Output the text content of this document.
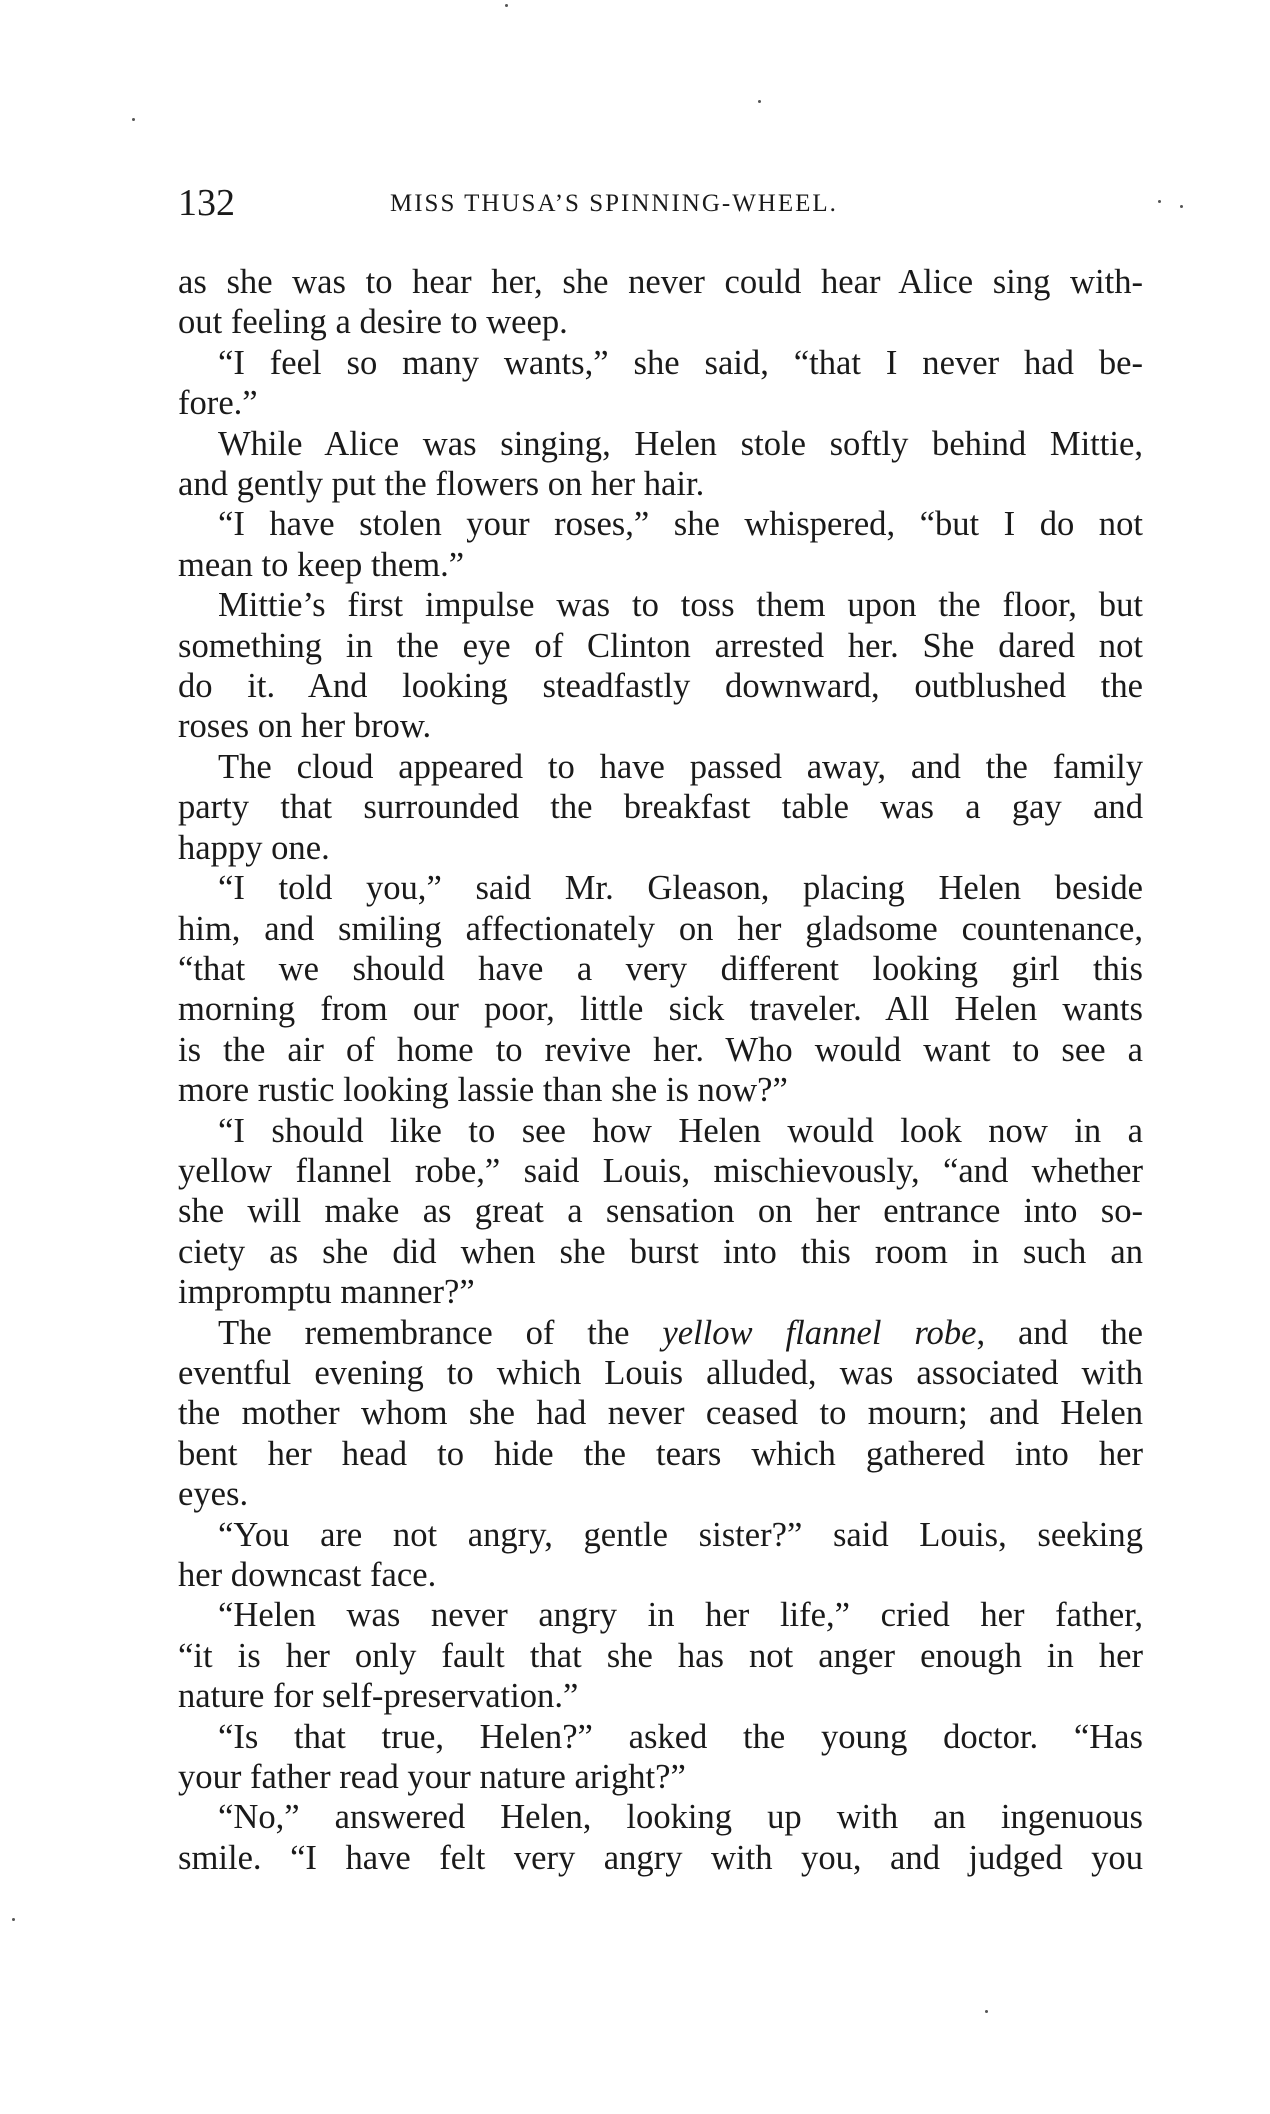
132	MISS THUSA’S SPINNING-WHEEL.
as she was to hear her, she never could hear Alice sing with-
out feeling a desire to weep.
“I feel so many wants,” she said, “that I never had be-
fore.”
While Alice was singing, Helen stole softly behind Mittie,
and gently put the flowers on her hair.
“I have stolen your roses,” she whispered, “but I do not
mean to keep them.”
Mittie’s first impulse was to toss them upon the floor, but
something in the eye of Clinton arrested her. She dared not
do it. And looking steadfastly downward, outblushed the
roses on her brow.
The cloud appeared to have passed away, and the family
party that surrounded the breakfast table was a gay and
happy one.
“I told you,” said Mr. Gleason, placing Helen beside
him, and smiling affectionately on her gladsome countenance,
“that we should have a very different looking girl this
morning from our poor, little sick traveler. All Helen wants
is the air of home to revive her. Who would want to see a
more rustic looking lassie than she is now?”
“I should like to see how Helen would look now in a
yellow flannel robe,” said Louis, mischievously, “and whether
she will make as great a sensation on her entrance into so-
ciety as she did when she burst into this room in such an
impromptu manner?”
The remembrance of the yellow flannel robe, and the
eventful evening to which Louis alluded, was associated with
the mother whom she had never ceased to mourn; and Helen
bent her head to hide the tears which gathered into her
eyes.
“You are not angry, gentle sister?” said Louis, seeking
her downcast face.
“Helen was never angry in her life,” cried her father,
“it is her only fault that she has not anger enough in her
nature for self-preservation.”
“Is that true, Helen?” asked the young doctor. “Has
your father read your nature aright?”
“No,” answered Helen, looking up with an ingenuous
smile. “I have felt very angry with you, and judged you
